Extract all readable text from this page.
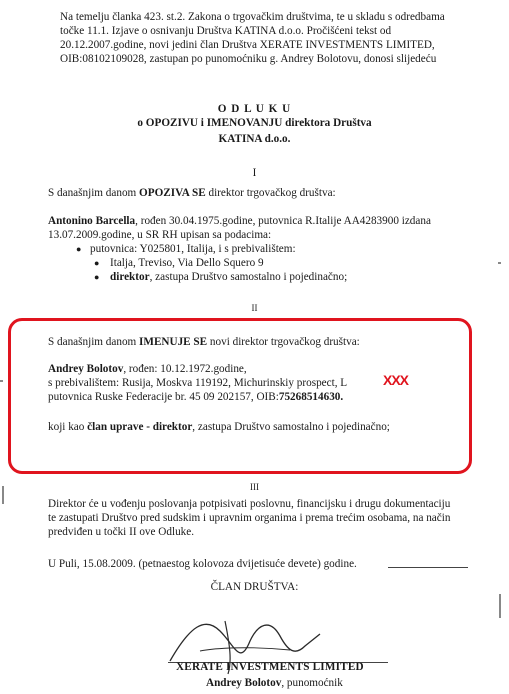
Na temelju članka 423. st.2. Zakona o trgovačkim društvima, te u skladu s odredbama
točke 11.1. Izjave o osnivanju Društva KATINA d.o.o. Pročišćeni tekst od
20.12.2007.godine, novi jedini član Društva XERATE INVESTMENTS LIMITED,
OIB:08102109028, zastupan po punomoćniku g. Andrey Bolotovu, donosi slijedeću
O D L U K U
o OPOZIVU i IMENOVANJU direktora Društva
KATINA d.o.o.
I
S današnjim danom OPOZIVA SE direktor trgovačkog društva:
Antonino Barcella, rođen 30.04.1975.godine, putovnica R.Italije AA4283900 izdana
13.07.2009.godine, u SR RH upisan sa podacima:
● putovnica: Y025801, Italija, i s prebivalištem:
● Italja, Treviso, Via Dello Squero 9
● direktor, zastupa Društvo samostalno i pojedinačno;
II
S današnjim danom IMENUJE SE novi direktor trgovačkog društva:
Andrey Bolotov, rođen: 10.12.1972.godine,
s prebivalištem: Rusija, Moskva 119192, Michurinskiy prospect, L	XXX
putovnica Ruske Federacije br. 45 09 202157, OIB:75268514630.
koji kao član uprave - direktor, zastupa Društvo samostalno i pojedinačno;
III
Direktor će u vođenju poslovanja potpisivati poslovnu, financijsku i drugu dokumentaciju
te zastupati Društvo pred sudskim i upravnim organima i prema trećim osobama, na način
predviđen u točki II ove Odluke.
U Puli, 15.08.2009. (petnaestog kolovoza dvijetisuće devete) godine.
ČLAN DRUŠTVA:
XERATE INVESTMENTS LIMITED
Andrey Bolotov, punomoćnik
